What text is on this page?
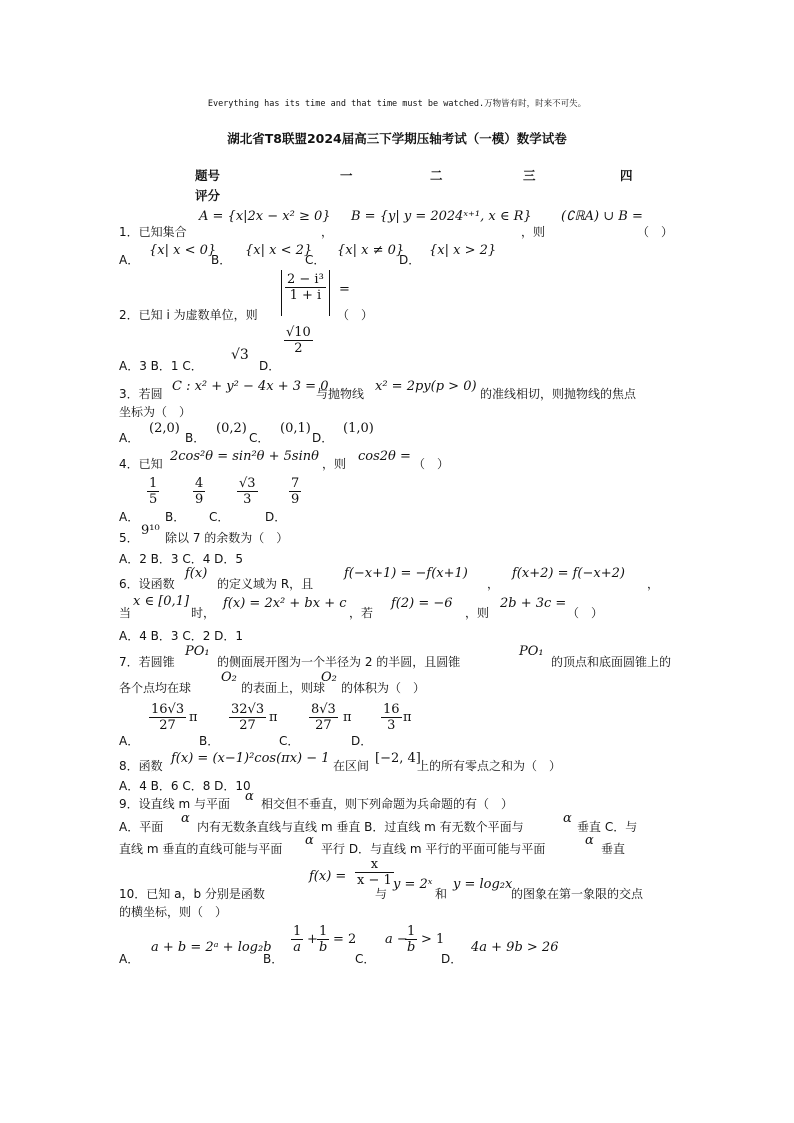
Everything has its time and that time must be watched.万物皆有时，时来不可失。
湖北省T8联盟2024届高三下学期压轴考试（一模）数学试卷
题号	一	二	三	四
评分
1．已知集合
A = {x|2x − x² ≥ 0}
，
B = {y| y = 2024ˣ⁺¹, x ∈ R}
，则
(∁ℝA) ∪ B =
（　）
A．
{x| x < 0}
B．
{x| x < 2}
C．
{x| x ≠ 0}
D．
{x| x > 2}
2．已知 i 为虚数单位，则
$\frac{\text{2 − i³}}{1 + i}$ =
（　）
A．3 B．1 C．
√3
D．
$\frac{√10}{2}$
3．若圆 C : x² + y² − 4x + 3 = 0
与抛物线 x² = 2py(p > 0) 的准线相切，则抛物线的焦点
坐标为（　）
A．
(2,0)
B．
(0,2)
C．
(0,1)
D．
(1,0)
4．已知 2cos²θ = sin²θ + 5sinθ ，则 cos2θ = （　）
A．
$\frac{1}{5}$
B．
$\frac{4}{9}$
C．
$\frac{√3}{3}$
D．
$\frac{7}{9}$
5． 9¹⁰ 除以 7 的余数为（　）
A．2 B．3 C．4 D．5
6．设函数
f(x)
的定义域为 R，且
f(−x+1) = −f(x+1)
，
f(x+2) = f(−x+2)
，
当
x ∈ [0,1]
时，
f(x) = 2x² + bx + c
，若
f(2) = −6
，则
2b + 3c =
（　）
A．4 B．3 C．2 D．1
7．若圆锥
PO₁
的侧面展开图为一个半径为 2 的半圆，且圆锥
PO₁
的顶点和底面圆锥上的
各个点均在球
O₂
的表面上，则球
O₂
的体积为（　）
A．
$\frac{16√3}{27}$ π
B．
$\frac{32√3}{27}$ π
C．
$\frac{8√3}{27}$ π
D．
$\frac{16}{3}$ π
8．函数 f(x) = (x−1)²cos(πx) − 1 在区间 [−2, 4]
上的所有零点之和为（　）
A．4 B．6 C．8 D．10
9．设直线 m 与平面 α 相交但不垂直，则下列命题为兵命题的有（　）
A．平面
α
内有无数条直线与直线 m 垂直 B．过直线 m 有无数个平面与
α
垂直 C．与
直线 m 垂直的直线可能与平面
α
平行 D．与直线 m 平行的平面可能与平面
α
垂直
10．已知 a，b 分别是函数
$f(x) = \frac{x}{x - 1}$
与
y = 2ˣ
和
y = log₂x
的图象在第一象限的交点
的横坐标，则（　）
A．
a + b = 2ᵃ + log₂b
B．
$\frac{1}{a} + \frac{1}{b} = 2$
C．
a −
$\frac{1}{b} > 1$
D．
4a + 9b > 26
